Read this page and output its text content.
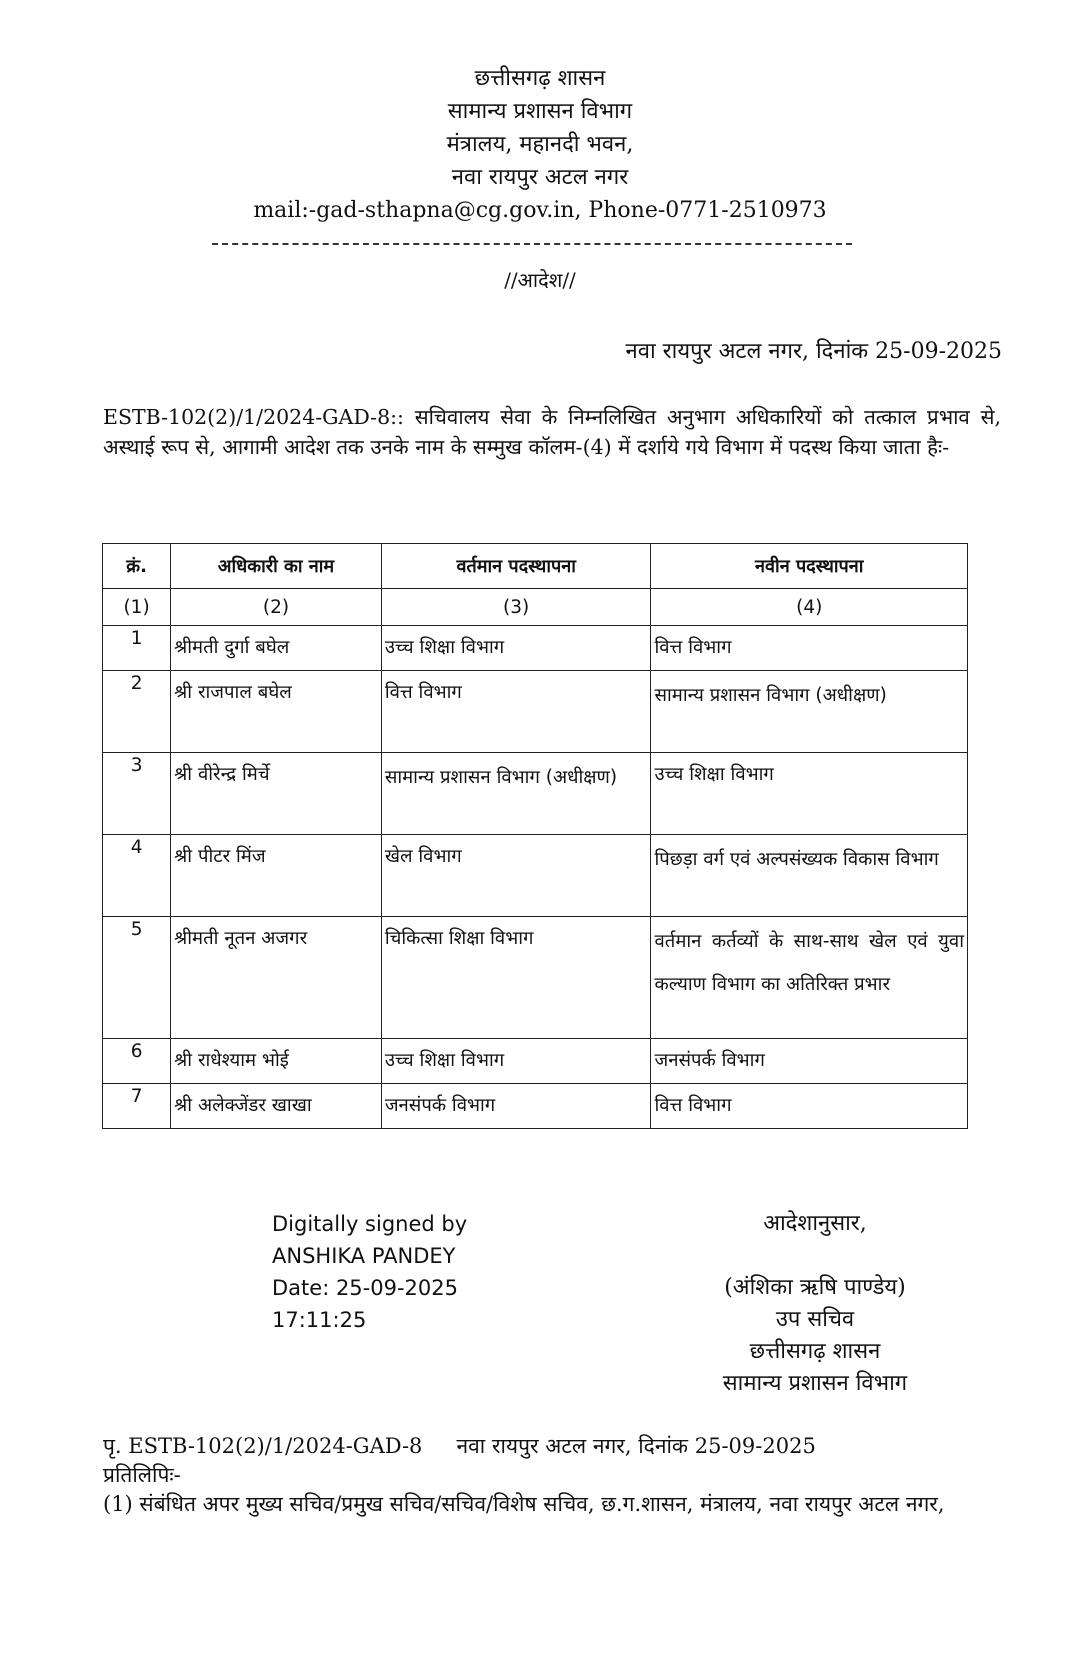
छत्तीसगढ़ शासन
सामान्य प्रशासन विभाग
मंत्रालय, महानदी भवन,
नवा रायपुर अटल नगर
mail:-gad-sthapna@cg.gov.in, Phone-0771-2510973
//आदेश//
नवा रायपुर अटल नगर, दिनांक 25-09-2025
ESTB-102(2)/1/2024-GAD-8:: सचिवालय सेवा के निम्नलिखित अनुभाग अधिकारियों को तत्काल प्रभाव से, अस्थाई रूप से, आगामी आदेश तक उनके नाम के सम्मुख कॉलम-(4) में दर्शाये गये विभाग में पदस्थ किया जाता हैः-
क्रं.	अधिकारी का नाम	वर्तमान पदस्थापना	नवीन पदस्थापना
(1)	(2)	(3)	(4)
1	श्रीमती दुर्गा बघेल	उच्च शिक्षा विभाग	वित्त विभाग
2	श्री राजपाल बघेल	वित्त विभाग	सामान्य प्रशासन विभाग (अधीक्षण)
3	श्री वीरेन्द्र मिर्चे	सामान्य प्रशासन विभाग (अधीक्षण)	उच्च शिक्षा विभाग
4	श्री पीटर मिंज	खेल विभाग	पिछड़ा वर्ग एवं अल्पसंख्यक विकास विभाग
5	श्रीमती नूतन अजगर	चिकित्सा शिक्षा विभाग	वर्तमान कर्तव्यों के साथ-साथ खेल एवं युवा कल्याण विभाग का अतिरिक्त प्रभार
6	श्री राधेश्याम भोई	उच्च शिक्षा विभाग	जनसंपर्क विभाग
7	श्री अलेक्जेंडर खाखा	जनसंपर्क विभाग	वित्त विभाग
Digitally signed by
ANSHIKA PANDEY
Date: 25-09-2025
17:11:25
आदेशानुसार,
(अंशिका ऋषि पाण्डेय)
उप सचिव
छत्तीसगढ़ शासन
सामान्य प्रशासन विभाग
पृ. ESTB-102(2)/1/2024-GAD-8 नवा रायपुर अटल नगर, दिनांक 25-09-2025
प्रतिलिपिः-
(1) संबंधित अपर मुख्य सचिव/प्रमुख सचिव/सचिव/विशेष सचिव, छ.ग.शासन, मंत्रालय, नवा रायपुर अटल नगर,
